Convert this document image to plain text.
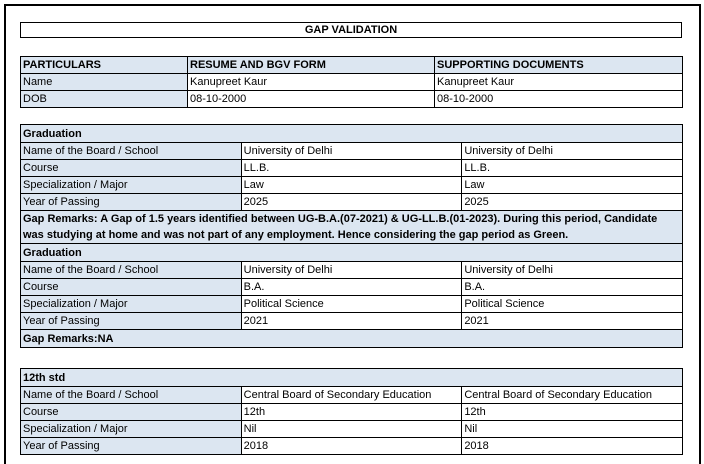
GAP VALIDATION
PARTICULARS	RESUME AND BGV FORM	SUPPORTING DOCUMENTS
Name	Kanupreet Kaur	Kanupreet Kaur
DOB	08-10-2000	08-10-2000
Graduation		
Name of the Board / School	University of Delhi	University of Delhi
Course	LL.B.	LL.B.
Specialization / Major	Law	Law
Year of Passing	2025	2025
Gap Remarks: A Gap of 1.5 years identified between UG-B.A.(07-2021) & UG-LL.B.(01-2023). During this period, Candidate was studying at home and was not part of any employment. Hence considering the gap period as Green.		
Graduation		
Name of the Board / School	University of Delhi	University of Delhi
Course	B.A.	B.A.
Specialization / Major	Political Science	Political Science
Year of Passing	2021	2021
Gap Remarks:NA		
12th std		
Name of the Board / School	Central Board of Secondary Education	Central Board of Secondary Education
Course	12th	12th
Specialization / Major	Nil	Nil
Year of Passing	2018	2018
